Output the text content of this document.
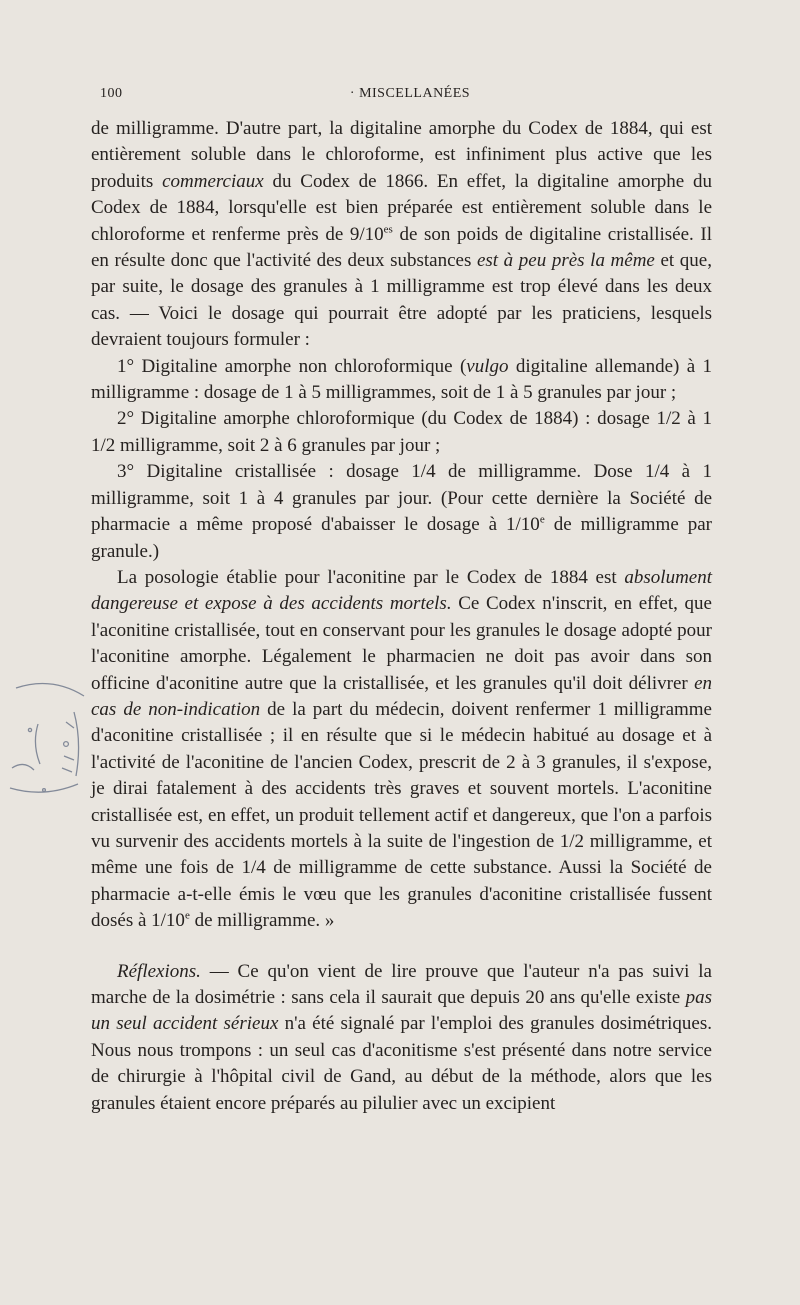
100	· MISCELLANÉES

de milligramme. D'autre part, la digitaline amorphe du Codex de 1884, qui est entièrement soluble dans le chloroforme, est infiniment plus active que les produits commerciaux du Codex de 1866. En effet, la digitaline amorphe du Codex de 1884, lorsqu'elle est bien préparée est entièrement soluble dans le chloroforme et renferme près de $9/10^{es}$ de son poids de digitaline cristallisée. Il en résulte donc que l'activité des deux substances est à peu près la même et que, par suite, le dosage des granules à 1 milligramme est trop élevé dans les deux cas. — Voici le dosage qui pourrait être adopté par les praticiens, lesquels devraient toujours formuler :

1° Digitaline amorphe non chloroformique (vulgo digitaline allemande) à 1 milligramme : dosage de 1 à 5 milligrammes, soit de 1 à 5 granules par jour ;

2° Digitaline amorphe chloroformique (du Codex de 1884) : dosage 1/2 à 1 1/2 milligramme, soit 2 à 6 granules par jour ;

3° Digitaline cristallisée : dosage 1/4 de milligramme. Dose 1/4 à 1 milligramme, soit 1 à 4 granules par jour. (Pour cette dernière la Société de pharmacie a même proposé d'abaisser le dosage à 1/10e de milligramme par granule.)

La posologie établie pour l'aconitine par le Codex de 1884 est absolument dangereuse et expose à des accidents mortels. Ce Codex n'inscrit, en effet, que l'aconitine cristallisée, tout en conservant pour les granules le dosage adopté pour l'aconitine amorphe. Légalement le pharmacien ne doit pas avoir dans son officine d'aconitine autre que la cristallisée, et les granules qu'il doit délivrer en cas de non-indication de la part du médecin, doivent renfermer 1 milligramme d'aconitine cristallisée ; il en résulte que si le médecin habitué au dosage et à l'activité de l'aconitine de l'ancien Codex, prescrit de 2 à 3 granules, il s'expose, je dirai fatalement à des accidents très graves et souvent mortels. L'aconitine cristallisée est, en effet, un produit tellement actif et dangereux, que l'on a parfois vu survenir des accidents mortels à la suite de l'ingestion de 1/2 milligramme, et même une fois de 1/4 de milligramme de cette substance. Aussi la Société de pharmacie a-t-elle émis le vœu que les granules d'aconitine cristallisée fussent dosés à 1/10e de milligramme. »

Réflexions. — Ce qu'on vient de lire prouve que l'auteur n'a pas suivi la marche de la dosimétrie : sans cela il saurait que depuis 20 ans qu'elle existe pas un seul accident sérieux n'a été signalé par l'emploi des granules dosimétriques. Nous nous trompons : un seul cas d'aconitisme s'est présenté dans notre service de chirurgie à l'hôpital civil de Gand, au début de la méthode, alors que les granules étaient encore préparés au pilulier avec un excipient
